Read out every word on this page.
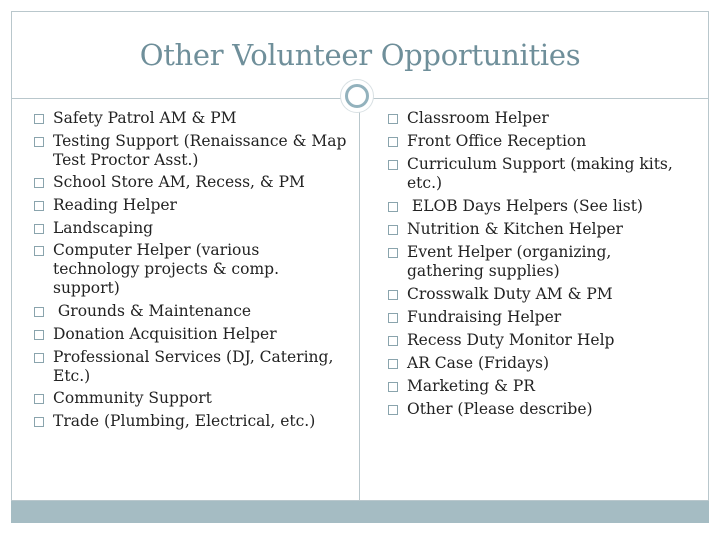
Other Volunteer Opportunities
Safety Patrol AM & PM
Testing Support (Renaissance & Map Test Proctor Asst.)
School Store AM, Recess, & PM
Reading Helper
Landscaping
Computer Helper (various technology projects & comp. support)
Grounds & Maintenance
Donation Acquisition Helper
Professional Services (DJ, Catering, Etc.)
Community Support
Trade (Plumbing, Electrical, etc.)
Classroom Helper
Front Office Reception
Curriculum Support (making kits, etc.)
ELOB Days Helpers (See list)
Nutrition & Kitchen Helper
Event Helper (organizing, gathering supplies)
Crosswalk Duty AM & PM
Fundraising Helper
Recess Duty Monitor Help
AR Case (Fridays)
Marketing & PR
Other (Please describe)
